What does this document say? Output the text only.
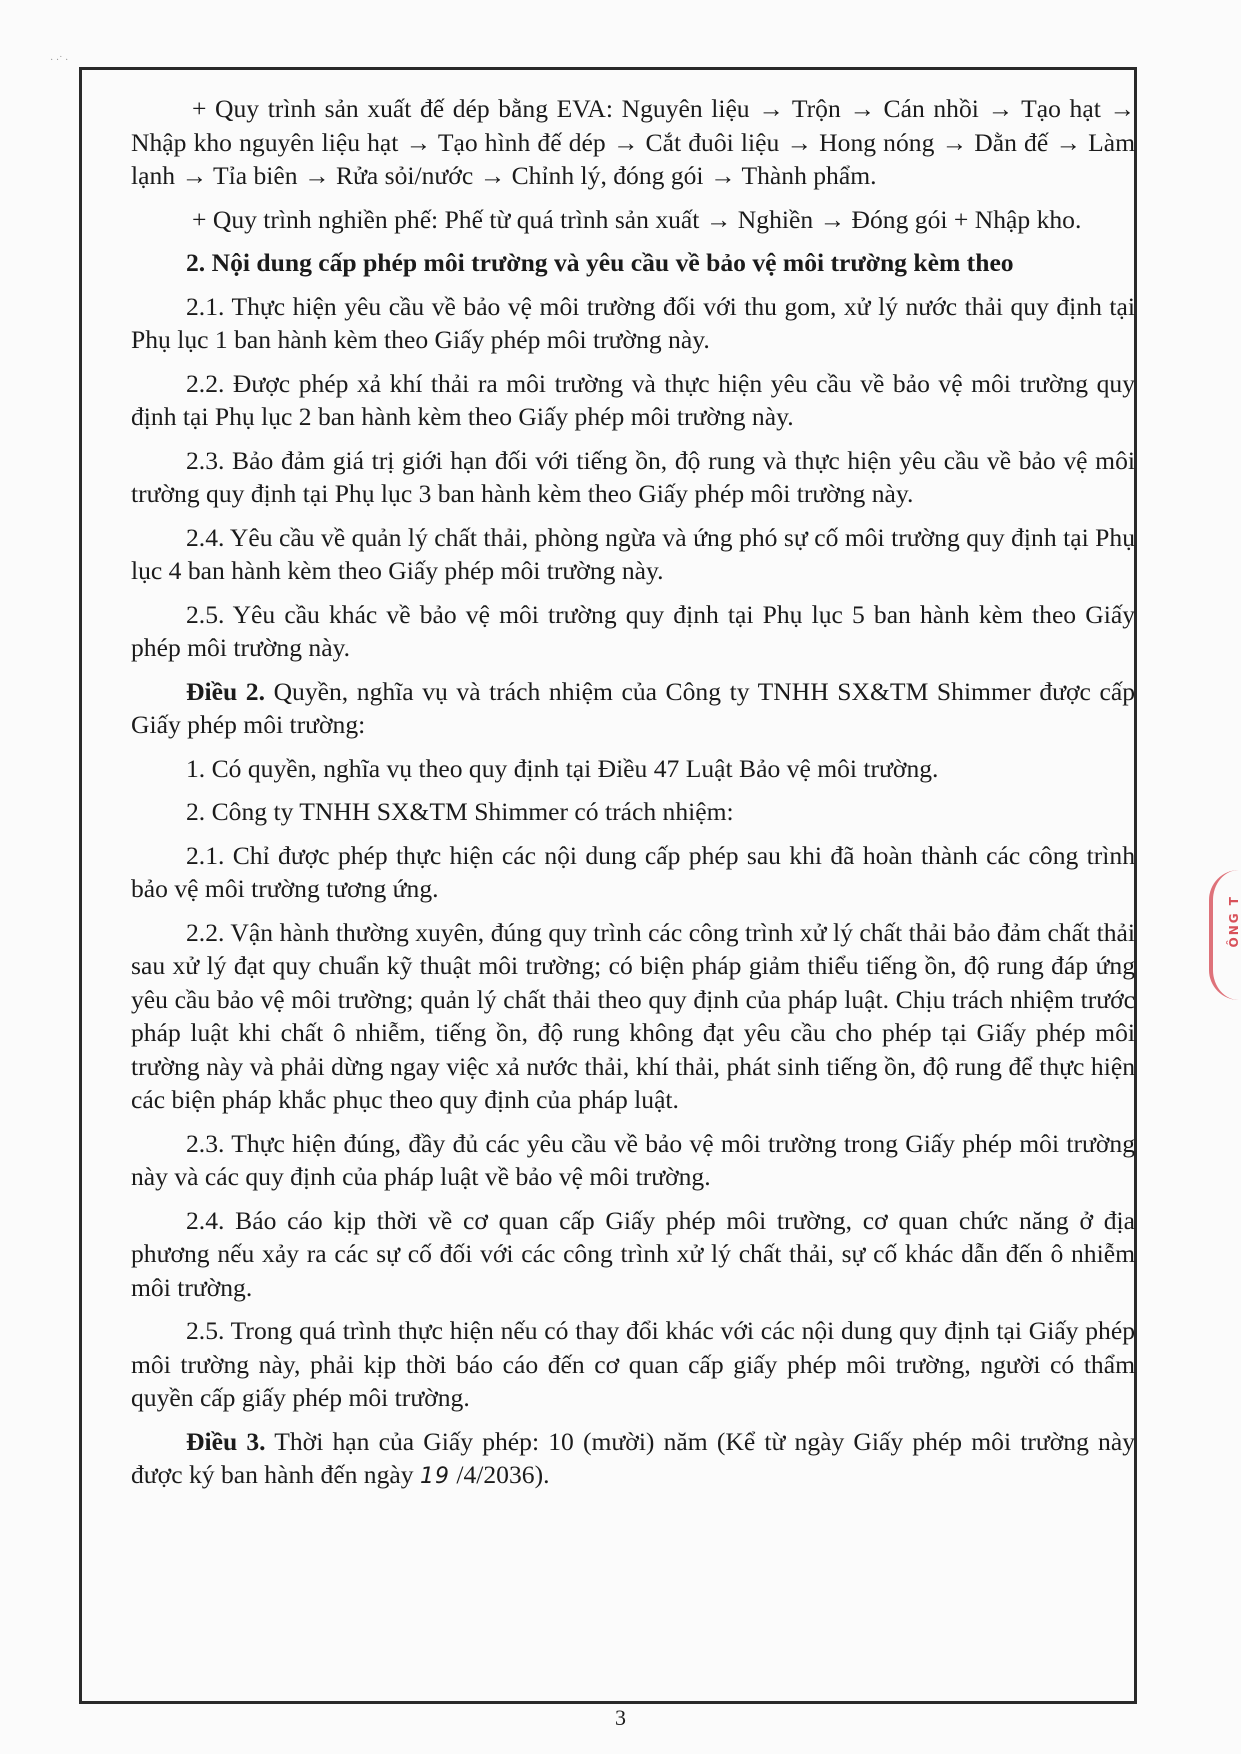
· ·˙ ·

+ Quy trình sản xuất đế dép bằng EVA: Nguyên liệu → Trộn → Cán nhồi → Tạo hạt → Nhập kho nguyên liệu hạt → Tạo hình đế dép → Cắt đuôi liệu → Hong nóng → Dằn đế → Làm lạnh → Tỉa biên → Rửa sỏi/nước → Chỉnh lý, đóng gói → Thành phẩm.

+ Quy trình nghiền phế: Phế từ quá trình sản xuất → Nghiền → Đóng gói + Nhập kho.

2. Nội dung cấp phép môi trường và yêu cầu về bảo vệ môi trường kèm theo

2.1. Thực hiện yêu cầu về bảo vệ môi trường đối với thu gom, xử lý nước thải quy định tại Phụ lục 1 ban hành kèm theo Giấy phép môi trường này.

2.2. Được phép xả khí thải ra môi trường và thực hiện yêu cầu về bảo vệ môi trường quy định tại Phụ lục 2 ban hành kèm theo Giấy phép môi trường này.

2.3. Bảo đảm giá trị giới hạn đối với tiếng ồn, độ rung và thực hiện yêu cầu về bảo vệ môi trường quy định tại Phụ lục 3 ban hành kèm theo Giấy phép môi trường này.

2.4. Yêu cầu về quản lý chất thải, phòng ngừa và ứng phó sự cố môi trường quy định tại Phụ lục 4 ban hành kèm theo Giấy phép môi trường này.

2.5. Yêu cầu khác về bảo vệ môi trường quy định tại Phụ lục 5 ban hành kèm theo Giấy phép môi trường này.

Điều 2. Quyền, nghĩa vụ và trách nhiệm của Công ty TNHH SX&TM Shimmer được cấp Giấy phép môi trường:

1. Có quyền, nghĩa vụ theo quy định tại Điều 47 Luật Bảo vệ môi trường.

2. Công ty TNHH SX&TM Shimmer có trách nhiệm:

2.1. Chỉ được phép thực hiện các nội dung cấp phép sau khi đã hoàn thành các công trình bảo vệ môi trường tương ứng.

2.2. Vận hành thường xuyên, đúng quy trình các công trình xử lý chất thải bảo đảm chất thải sau xử lý đạt quy chuẩn kỹ thuật môi trường; có biện pháp giảm thiểu tiếng ồn, độ rung đáp ứng yêu cầu bảo vệ môi trường; quản lý chất thải theo quy định của pháp luật. Chịu trách nhiệm trước pháp luật khi chất ô nhiễm, tiếng ồn, độ rung không đạt yêu cầu cho phép tại Giấy phép môi trường này và phải dừng ngay việc xả nước thải, khí thải, phát sinh tiếng ồn, độ rung để thực hiện các biện pháp khắc phục theo quy định của pháp luật.

2.3. Thực hiện đúng, đầy đủ các yêu cầu về bảo vệ môi trường trong Giấy phép môi trường này và các quy định của pháp luật về bảo vệ môi trường.

2.4. Báo cáo kịp thời về cơ quan cấp Giấy phép môi trường, cơ quan chức năng ở địa phương nếu xảy ra các sự cố đối với các công trình xử lý chất thải, sự cố khác dẫn đến ô nhiễm môi trường.

2.5. Trong quá trình thực hiện nếu có thay đổi khác với các nội dung quy định tại Giấy phép môi trường này, phải kịp thời báo cáo đến cơ quan cấp giấy phép môi trường, người có thẩm quyền cấp giấy phép môi trường.

Điều 3. Thời hạn của Giấy phép: 10 (mười) năm (Kể từ ngày Giấy phép môi trường này được ký ban hành đến ngày 19 /4/2036).

ÔNG T
3
